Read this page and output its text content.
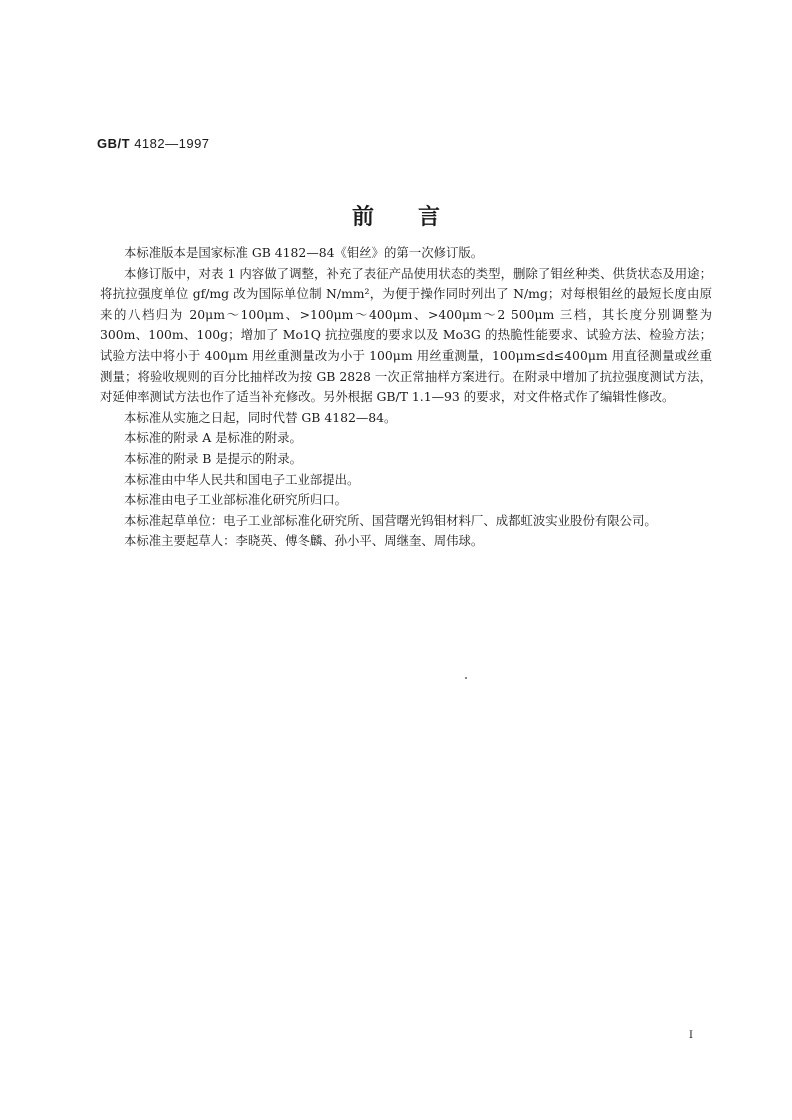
GB/T 4182—1997
前言

本标准版本是国家标准 GB 4182—84《钼丝》的第一次修订版。

本修订版中，对表 1 内容做了调整，补充了表征产品使用状态的类型，删除了钼丝种类、供货状态及用途；将抗拉强度单位 gf/mg 改为国际单位制 N/mm²，为便于操作同时列出了 N/mg；对每根钼丝的最短长度由原来的八档归为 20μm～100μm、>100μm～400μm、>400μm～2 500μm 三档，其长度分别调整为 300m、100m、100g；增加了 Mo1Q 抗拉强度的要求以及 Mo3G 的热脆性能要求、试验方法、检验方法；试验方法中将小于 400μm 用丝重测量改为小于 100μm 用丝重测量，100μm≤d≤400μm 用直径测量或丝重测量；将验收规则的百分比抽样改为按 GB 2828 一次正常抽样方案进行。在附录中增加了抗拉强度测试方法，对延伸率测试方法也作了适当补充修改。另外根据 GB/T 1.1—93 的要求，对文件格式作了编辑性修改。

本标准从实施之日起，同时代替 GB 4182—84。

本标准的附录 A 是标准的附录。

本标准的附录 B 是提示的附录。

本标准由中华人民共和国电子工业部提出。

本标准由电子工业部标准化研究所归口。

本标准起草单位：电子工业部标准化研究所、国营曙光钨钼材料厂、成都虹波实业股份有限公司。

本标准主要起草人：李晓英、傅冬麟、孙小平、周继奎、周伟球。

I
